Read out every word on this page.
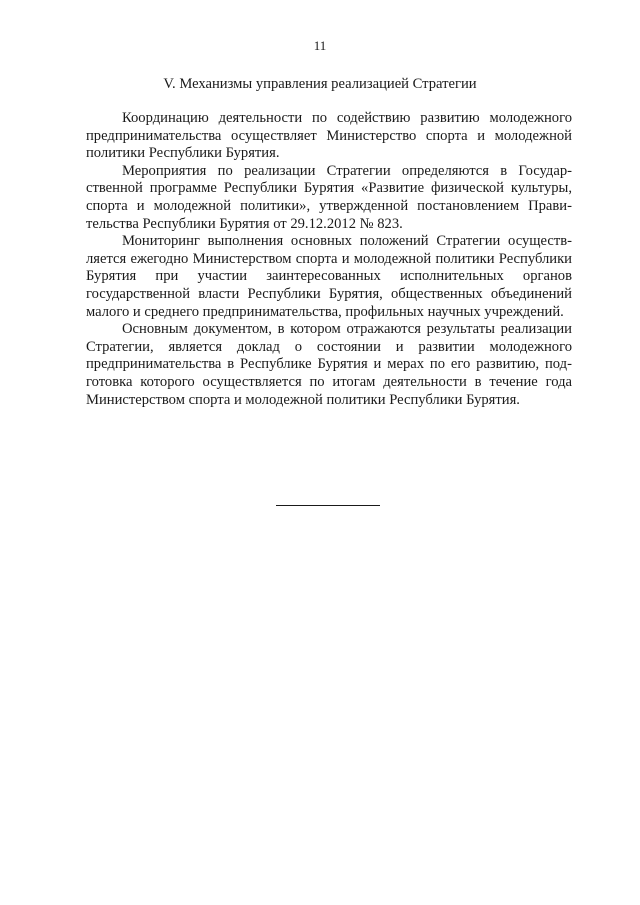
11
V. Механизмы управления реализацией Стратегии

Координацию деятельности по содействию развитию молодежного предпринимательства осуществляет Министерство спорта и молодежной политики Республики Бурятия.

Мероприятия по реализации Стратегии определяются в Государственной программе Республики Бурятия «Развитие физической культуры, спорта и молодежной политики», утвержденной постановлением Правительства Республики Бурятия от 29.12.2012 № 823.

Мониторинг выполнения основных положений Стратегии осуществляется ежегодно Министерством спорта и молодежной политики Республики Бурятия при участии заинтересованных исполнительных органов государственной власти Республики Бурятия, общественных объединений малого и среднего предпринимательства, профильных научных учреждений.

Основным документом, в котором отражаются результаты реализации Стратегии, является доклад о состоянии и развитии молодежного предпринимательства в Республике Бурятия и мерах по его развитию, подготовка которого осуществляется по итогам деятельности в течение года Министерством спорта и молодежной политики Республики Бурятия.
